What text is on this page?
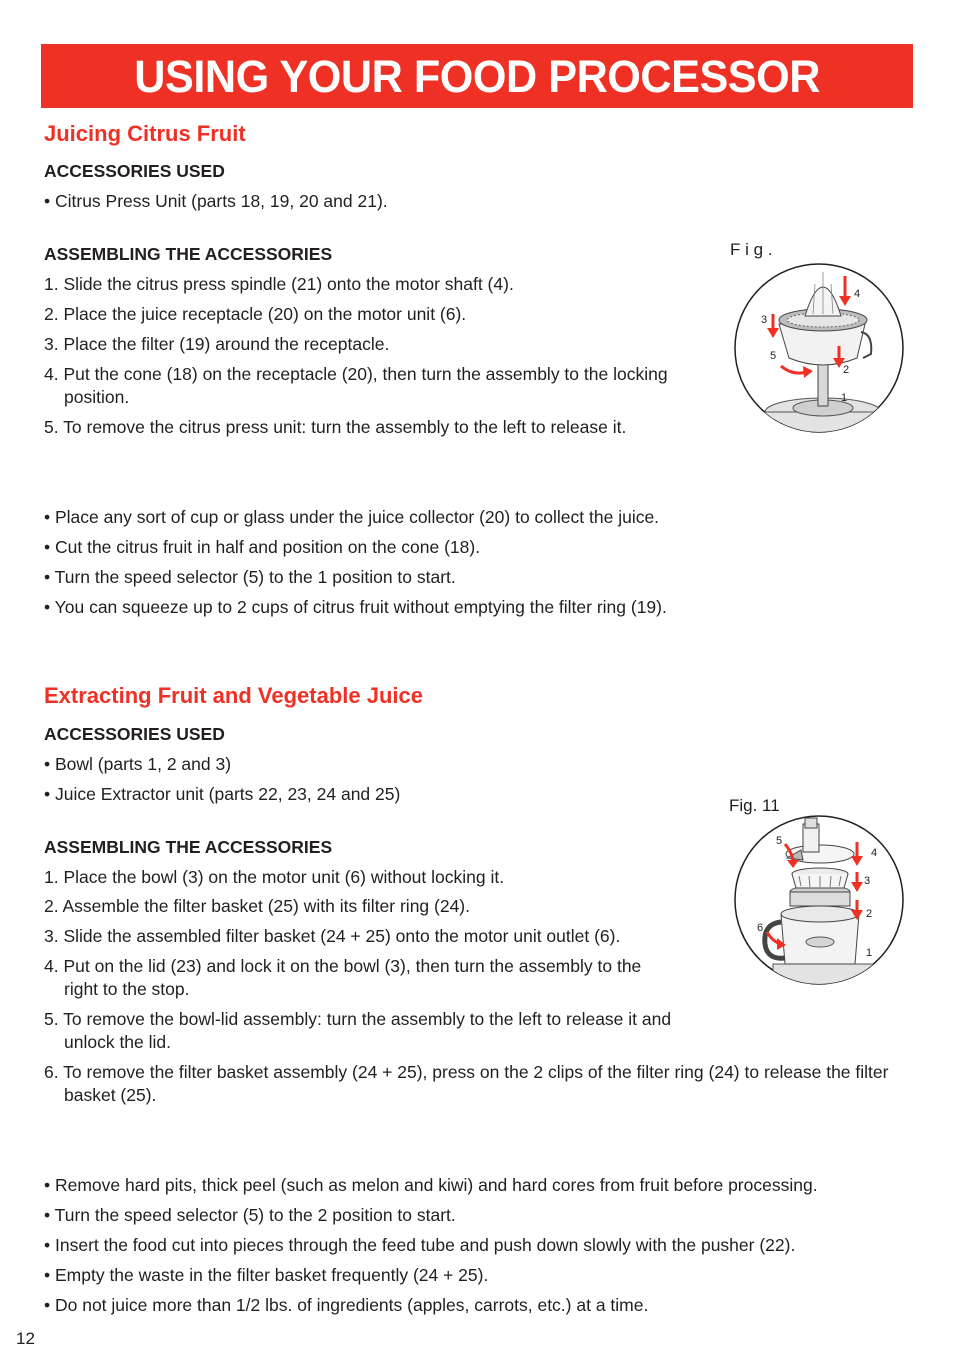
USING YOUR FOOD PROCESSOR
Juicing Citrus Fruit
ACCESSORIES USED

• Citrus Press Unit (parts 18, 19, 20 and 21).

ASSEMBLING THE ACCESSORIES

1. Slide the citrus press spindle (21) onto the motor shaft (4).

2. Place the juice receptacle (20) on the motor unit (6).

3. Place the filter (19) around the receptacle.

4. Put the cone (18) on the receptacle (20), then turn the assembly to the locking position.

5. To remove the citrus press unit: turn the assembly to the left to release it.

• Place any sort of cup or glass under the juice collector (20) to collect the juice.

• Cut the citrus fruit in half and position on the cone (18).

• Turn the speed selector (5) to the 1 position to start.

• You can squeeze up to 2 cups of citrus fruit without emptying the filter ring (19).

F i g .
4
3
5
2
1
Extracting Fruit and Vegetable Juice
ACCESSORIES USED

• Bowl (parts 1, 2 and 3)

• Juice Extractor unit (parts 22, 23, 24 and 25)

ASSEMBLING THE ACCESSORIES

1. Place the bowl (3) on the motor unit (6) without locking it.

2. Assemble the filter basket (25) with its filter ring (24).

3. Slide the assembled filter basket (24 + 25) onto the motor unit outlet (6).

4. Put on the lid (23) and lock it on the bowl (3), then turn the assembly to the right to the stop.

5. To remove the bowl-lid assembly: turn the assembly to the left to release it and unlock the lid.

6. To remove the filter basket assembly (24 + 25), press on the 2 clips of the filter ring (24) to release the filter basket (25).

• Remove hard pits, thick peel (such as melon and kiwi) and hard cores from fruit before processing.

• Turn the speed selector (5) to the 2 position to start.

• Insert the food cut into pieces through the feed tube and push down slowly with the pusher (22).

• Empty the waste in the filter basket frequently (24 + 25).

• Do not juice more than 1/2 lbs. of ingredients (apples, carrots, etc.) at a time.

Fig. 11
4
5
3
2
6
1
12
